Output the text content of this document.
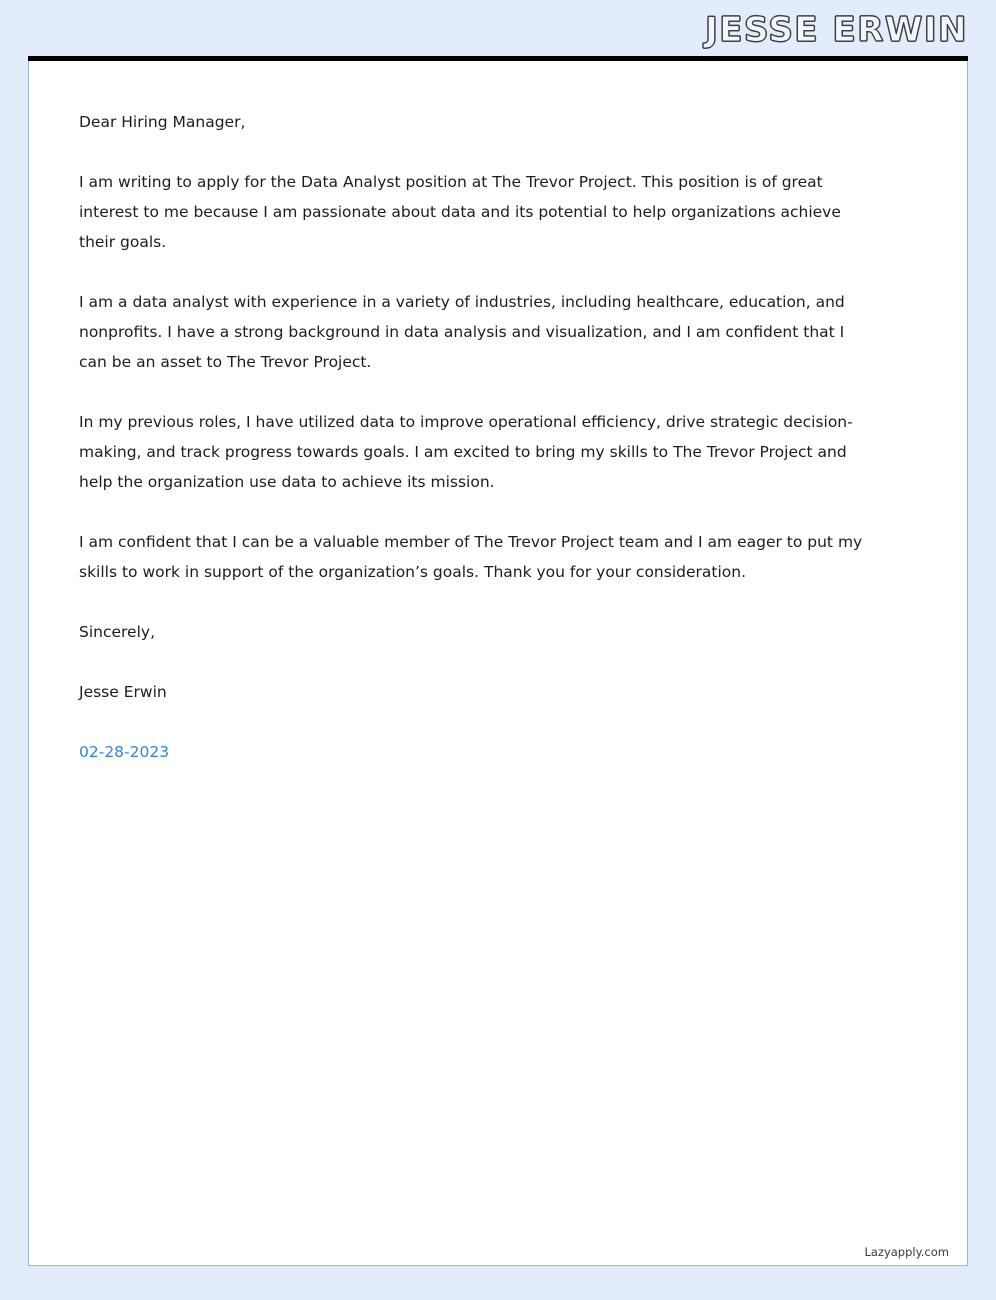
JESSE ERWIN

Dear Hiring Manager,

I am writing to apply for the Data Analyst position at The Trevor Project. This position is of great interest to me because I am passionate about data and its potential to help organizations achieve their goals.

I am a data analyst with experience in a variety of industries, including healthcare, education, and nonprofits. I have a strong background in data analysis and visualization, and I am confident that I can be an asset to The Trevor Project.

In my previous roles, I have utilized data to improve operational efficiency, drive strategic decision-making, and track progress towards goals. I am excited to bring my skills to The Trevor Project and help the organization use data to achieve its mission.

I am confident that I can be a valuable member of The Trevor Project team and I am eager to put my skills to work in support of the organization’s goals. Thank you for your consideration.

Sincerely,

Jesse Erwin

02-28-2023

Lazyapply.com
